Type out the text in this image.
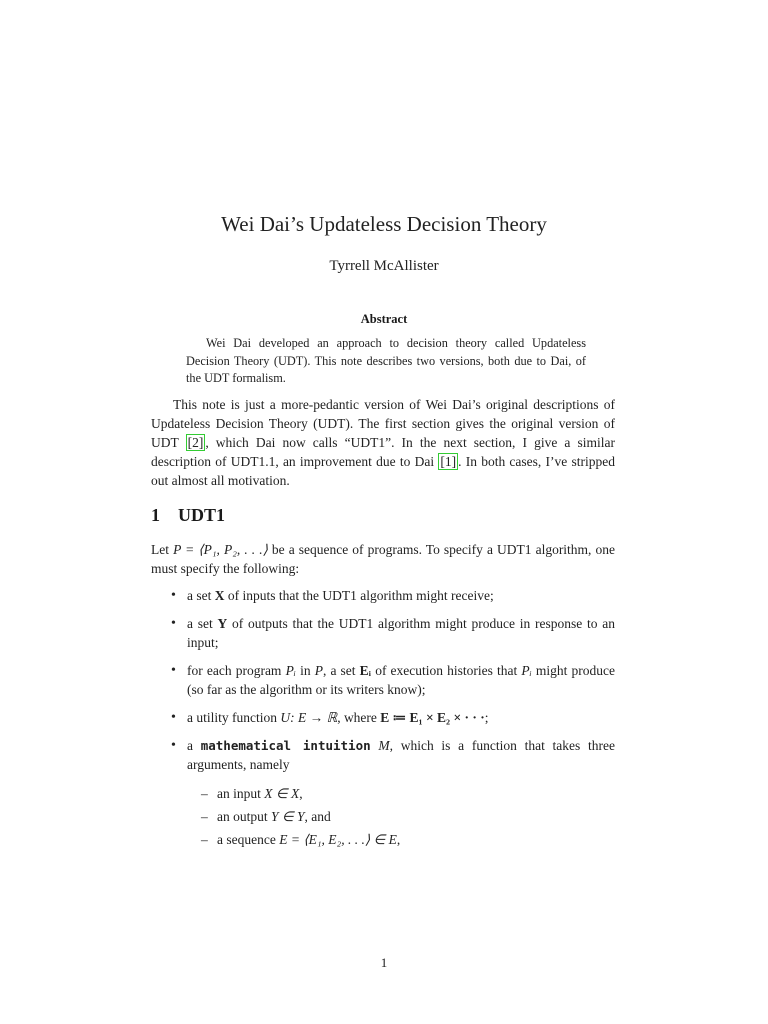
Wei Dai’s Updateless Decision Theory
Tyrrell McAllister
Abstract
Wei Dai developed an approach to decision theory called Updateless Decision Theory (UDT). This note describes two versions, both due to Dai, of the UDT formalism.
This note is just a more-pedantic version of Wei Dai’s original descriptions of Updateless Decision Theory (UDT). The first section gives the original version of UDT [2] , which Dai now calls “UDT1”. In the next section, I give a similar description of UDT1.1, an improvement due to Dai [1] . In both cases, I’ve stripped out almost all motivation.
1 UDT1
Let P = ⟨P₁, P₂, . . .⟩ be a sequence of programs. To specify a UDT1 algorithm, one must specify the following:
• a set X of inputs that the UDT1 algorithm might receive;
• a set Y of outputs that the UDT1 algorithm might produce in response to an input;
• for each program Pᵢ in P, a set Eᵢ of execution histories that Pᵢ might produce (so far as the algorithm or its writers know);
• a utility function U: E → ℝ, where E ≔ E₁ × E₂ × · · ·;
• a mathematical intuition M, which is a function that takes three arguments, namely
– an input X ∈ X,
– an output Y ∈ Y, and
– a sequence E = ⟨E₁, E₂, . . .⟩ ∈ E,
1
